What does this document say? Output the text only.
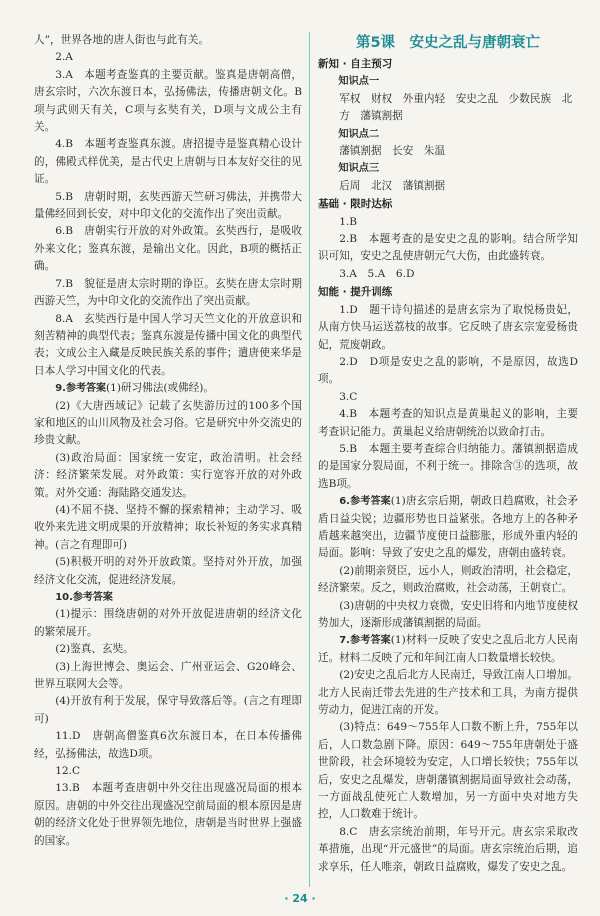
人”，世界各地的唐人街也与此有关。

2.A

3.A　本题考查鉴真的主要贡献。鉴真是唐朝高僧，唐玄宗时，六次东渡日本，弘扬佛法，传播唐朝文化。B项与武则天有关，C项与玄奘有关，D项与文成公主有关。

4.B　本题考查鉴真东渡。唐招提寺是鉴真精心设计的，佛殿式样优美，是古代史上唐朝与日本友好交往的见证。

5.B　唐朝时期，玄奘西游天竺研习佛法，并携带大量佛经回到长安，对中印文化的交流作出了突出贡献。

6.B　唐朝实行开放的对外政策。玄奘西行，是吸收外来文化；鉴真东渡，是输出文化。因此，B项的概括正确。

7.B　貌征是唐太宗时期的诤臣。玄奘在唐太宗时期西游天竺，为中印文化的交流作出了突出贡献。

8.A　玄奘西行是中国人学习天竺文化的开放意识和刻苦精神的典型代表；鉴真东渡是传播中国文化的典型代表；文成公主入藏是反映民族关系的事件；遣唐使来华是日本人学习中国文化的代表。

9.参考答案(1)研习佛法(或佛经)。

(2)《大唐西域记》记载了玄奘游历过的100多个国家和地区的山川风物及社会习俗。它是研究中外交流史的珍贵文献。

(3)政治局面：国家统一安定，政治清明。社会经济：经济繁荣发展。对外政策：实行宽容开放的对外政策。对外交通：海陆路交通发达。

(4)不屈不挠、坚持不懈的探索精神；主动学习、吸收外来先进文明成果的开放精神；取长补短的务实求真精神。(言之有理即可)

(5)积极开明的对外开放政策。坚持对外开放，加强经济文化交流，促进经济发展。

10.参考答案

(1)提示：围绕唐朝的对外开放促进唐朝的经济文化的繁荣展开。

(2)鉴真、玄奘。

(3)上海世博会、奥运会、广州亚运会、G20峰会、世界互联网大会等。

(4)开放有利于发展，保守导致落后等。(言之有理即可)

11.D　唐朝高僧鉴真6次东渡日本，在日本传播佛经，弘扬佛法，故选D项。

12.C

13.B　本题考查唐朝中外交往出现盛况局面的根本原因。唐朝的中外交往出现盛况空前局面的根本原因是唐朝的经济文化处于世界领先地位，唐朝是当时世界上强盛的国家。

第5课　安史之乱与唐朝衰亡
新知 · 自主预习
知识点一
军权　财权　外重内轻　安史之乱　少数民族　北方　藩镇割据
知识点二
藩镇割据　长安　朱温
知识点三
后周　北汉　藩镇割据
基础 · 限时达标

1.B

2.B　本题考查的是安史之乱的影响。结合所学知识可知，安史之乱使唐朝元气大伤，由此盛转衰。

3.A　5.A　6.D

知能 · 提升训练

1.D　题干诗句描述的是唐玄宗为了取悦杨贵妃，从南方快马运送荔枝的故事。它反映了唐玄宗宠爱杨贵妃，荒废朝政。

2.D　D项是安史之乱的影响，不是原因，故选D项。

3.C

4.B　本题考查的知识点是黄巢起义的影响，主要考查识记能力。黄巢起义给唐朝统治以致命打击。

5.B　本题主要考查综合归纳能力。藩镇割据造成的是国家分裂局面，不利于统一。排除含③的选项，故选B项。

6.参考答案(1)唐玄宗后期，朝政日趋腐败，社会矛盾日益尖锐；边疆形势也日益紧张。各地方上的各种矛盾越来越突出，边疆节度使日益膨胀，形成外重内轻的局面。影响：导致了安史之乱的爆发，唐朝由盛转衰。

(2)前期亲贤臣，远小人，则政治清明，社会稳定，经济繁荣。反之，则政治腐败，社会动荡，王朝衰亡。

(3)唐朝的中央权力衰微，安史旧将和内地节度使权势加大，逐渐形成藩镇割据的局面。

7.参考答案(1)材料一反映了安史之乱后北方人民南迁。材料二反映了元和年间江南人口数量增长较快。

(2)安史之乱后北方人民南迁，导致江南人口增加。北方人民南迁带去先进的生产技术和工具，为南方提供劳动力，促进江南的开发。

(3)特点：649～755年人口数不断上升，755年以后，人口数急剧下降。原因：649～755年唐朝处于盛世阶段，社会环境较为安定，人口增长较快；755年以后，安史之乱爆发，唐朝藩镇割据局面导致社会动荡，一方面战乱使死亡人数增加，另一方面中央对地方失控，人口数难于统计。

8.C　唐玄宗统治前期，年号开元。唐玄宗采取改革措施，出现“开元盛世”的局面。唐玄宗统治后期，追求享乐，任人唯亲，朝政日益腐败，爆发了安史之乱。

· 24 ·
